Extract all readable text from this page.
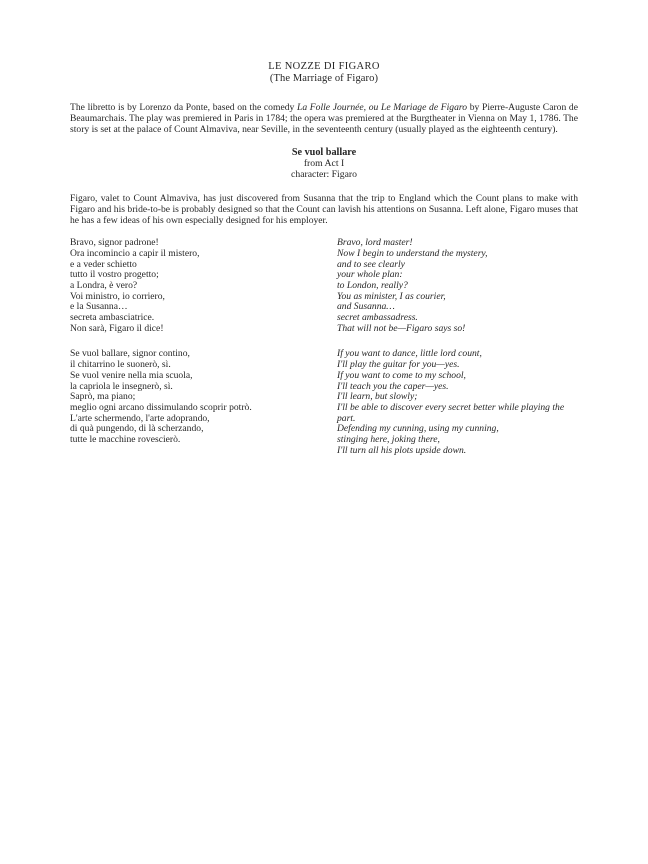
LE NOZZE DI FIGARO
(The Marriage of Figaro)

The libretto is by Lorenzo da Ponte, based on the comedy La Folle Journée, ou Le Mariage de Figaro by Pierre-Auguste Caron de Beaumarchais. The play was premiered in Paris in 1784; the opera was premiered at the Burgtheater in Vienna on May 1, 1786. The story is set at the palace of Count Almaviva, near Seville, in the seventeenth century (usually played as the eighteenth century).

Se vuol ballare
from Act I
character: Figaro

Figaro, valet to Count Almaviva, has just discovered from Susanna that the trip to England which the Count plans to make with Figaro and his bride-to-be is probably designed so that the Count can lavish his attentions on Susanna. Left alone, Figaro muses that he has a few ideas of his own especially designed for his employer.

Bravo, signor padrone!
Ora incomincio a capir il mistero,
e a veder schietto
tutto il vostro progetto;
a Londra, è vero?
Voi ministro, io corriero,
e la Susanna…
secreta ambasciatrice.
Non sarà, Figaro il dice!
Bravo, lord master!
Now I begin to understand the mystery,
and to see clearly
your whole plan:
to London, really?
You as minister, I as courier,
and Susanna…
secret ambassadress.
That will not be—Figaro says so!
Se vuol ballare, signor contino,
il chitarrino le suonerò, sì.
Se vuol venire nella mia scuola,
la capriola le insegnerò, sì.
Saprò, ma piano;
meglio ogni arcano dissimulando scoprir potrò.
L'arte schermendo, l'arte adoprando,
di quà pungendo, di là scherzando,
tutte le macchine rovescierò.
If you want to dance, little lord count,
I'll play the guitar for you—yes.
If you want to come to my school,
I'll teach you the caper—yes.
I'll learn, but slowly;
I'll be able to discover every secret better while playing the part.
Defending my cunning, using my cunning,
stinging here, joking there,
I'll turn all his plots upside down.
